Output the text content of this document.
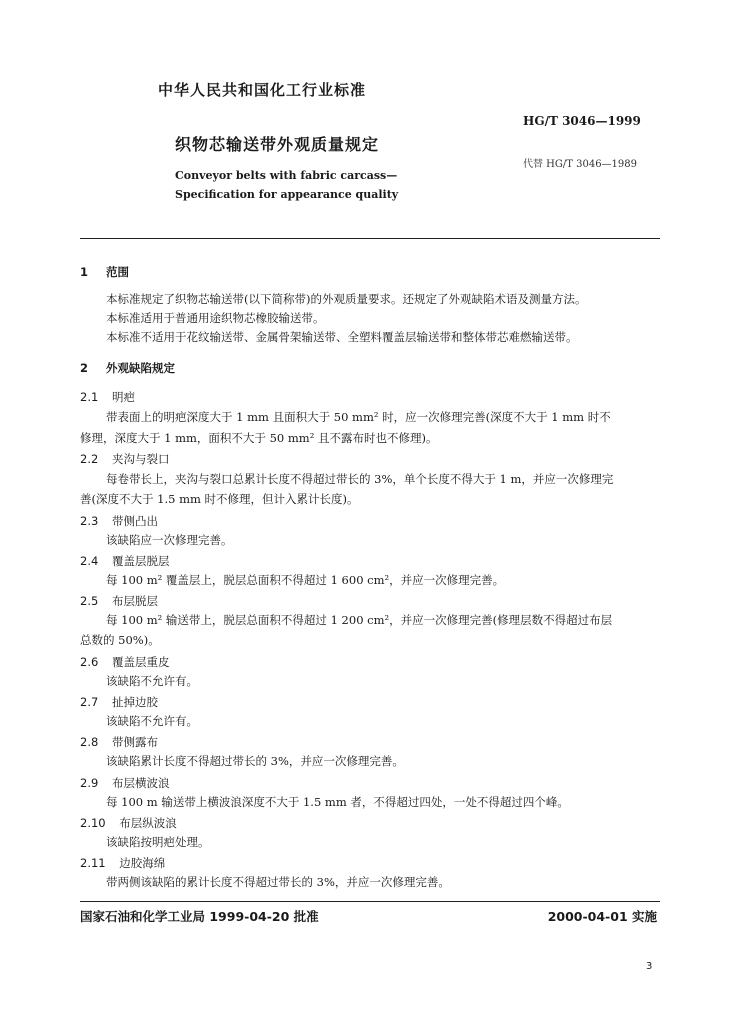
中华人民共和国化工行业标准
HG/T 3046—1999
织物芯输送带外观质量规定
代替 HG/T 3046—1989
Conveyor belts with fabric carcass—
Specification for appearance quality
1 范围
本标准规定了织物芯输送带(以下简称带)的外观质量要求。还规定了外观缺陷术语及测量方法。
本标准适用于普通用途织物芯橡胶输送带。
本标准不适用于花纹输送带、金属骨架输送带、全塑料覆盖层输送带和整体带芯难燃输送带。
2 外观缺陷规定
2.1 明疤
带表面上的明疤深度大于 1 mm 且面积大于 50 mm² 时，应一次修理完善(深度不大于 1 mm 时不
修理，深度大于 1 mm，面积不大于 50 mm² 且不露布时也不修理)。
2.2 夹沟与裂口
每卷带长上，夹沟与裂口总累计长度不得超过带长的 3%，单个长度不得大于 1 m，并应一次修理完
善(深度不大于 1.5 mm 时不修理，但计入累计长度)。
2.3 带侧凸出
该缺陷应一次修理完善。
2.4 覆盖层脱层
每 100 m² 覆盖层上，脱层总面积不得超过 1 600 cm²，并应一次修理完善。
2.5 布层脱层
每 100 m² 输送带上，脱层总面积不得超过 1 200 cm²，并应一次修理完善(修理层数不得超过布层
总数的 50%)。
2.6 覆盖层重皮
该缺陷不允许有。
2.7 扯掉边胶
该缺陷不允许有。
2.8 带侧露布
该缺陷累计长度不得超过带长的 3%，并应一次修理完善。
2.9 布层横波浪
每 100 m 输送带上横波浪深度不大于 1.5 mm 者，不得超过四处，一处不得超过四个峰。
2.10 布层纵波浪
该缺陷按明疤处理。
2.11 边胶海绵
带两侧该缺陷的累计长度不得超过带长的 3%，并应一次修理完善。
国家石油和化学工业局 1999-04-20 批准	2000-04-01 实施
3
